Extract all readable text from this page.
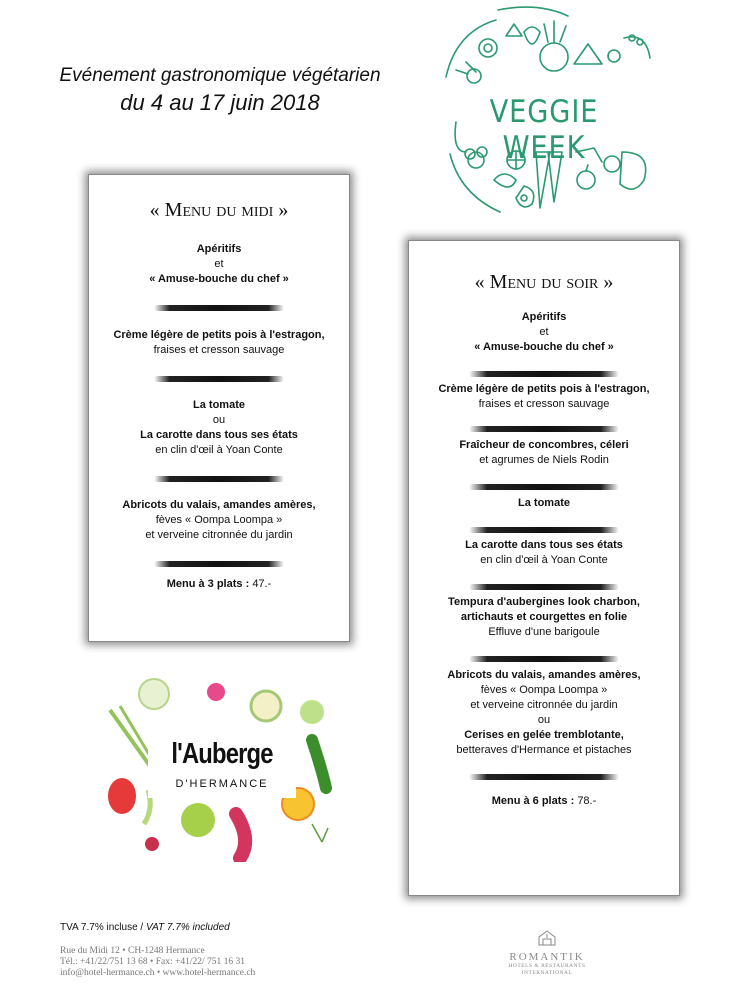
Evénement gastronomique végétarien
du 4 au 17 juin 2018	VEGGIE WEEK
« Menu du midi »
Apéritifs
et
« Amuse-bouche du chef »
Crème légère de petits pois à l'estragon,
fraises et cresson sauvage
La tomate
ou
La carotte dans tous ses états
en clin d'œil à Yoan Conte
Abricots du valais, amandes amères,
fèves « Oompa Loompa »
et verveine citronnée du jardin
Menu à 3 plats : 47.-
« Menu du soir »
Apéritifs
et
« Amuse-bouche du chef »
Crème légère de petits pois à l'estragon,
fraises et cresson sauvage
Fraîcheur de concombres, céleri
et agrumes de Niels Rodin
La tomate
La carotte dans tous ses états
en clin d'œil à Yoan Conte
Tempura d'aubergines look charbon,
artichauts et courgettes en folie
Effluve d'une barigoule
Abricots du valais, amandes amères,
fèves « Oompa Loompa »
et verveine citronnée du jardin
ou
Cerises en gelée tremblotante,
betteraves d'Hermance et pistaches
Menu à 6 plats : 78.-
l'Auberge
D'HERMANCE
TVA 7.7% incluse / VAT 7.7% included
Rue du Midi 12 • CH-1248 Hermance
Tél.: +41/22/751 13 68 • Fax: +41/22/ 751 16 31
info@hotel-hermance.ch • www.hotel-hermance.ch
ROMANTIK
HOTELS & RESTAURANTS
INTERNATIONAL
